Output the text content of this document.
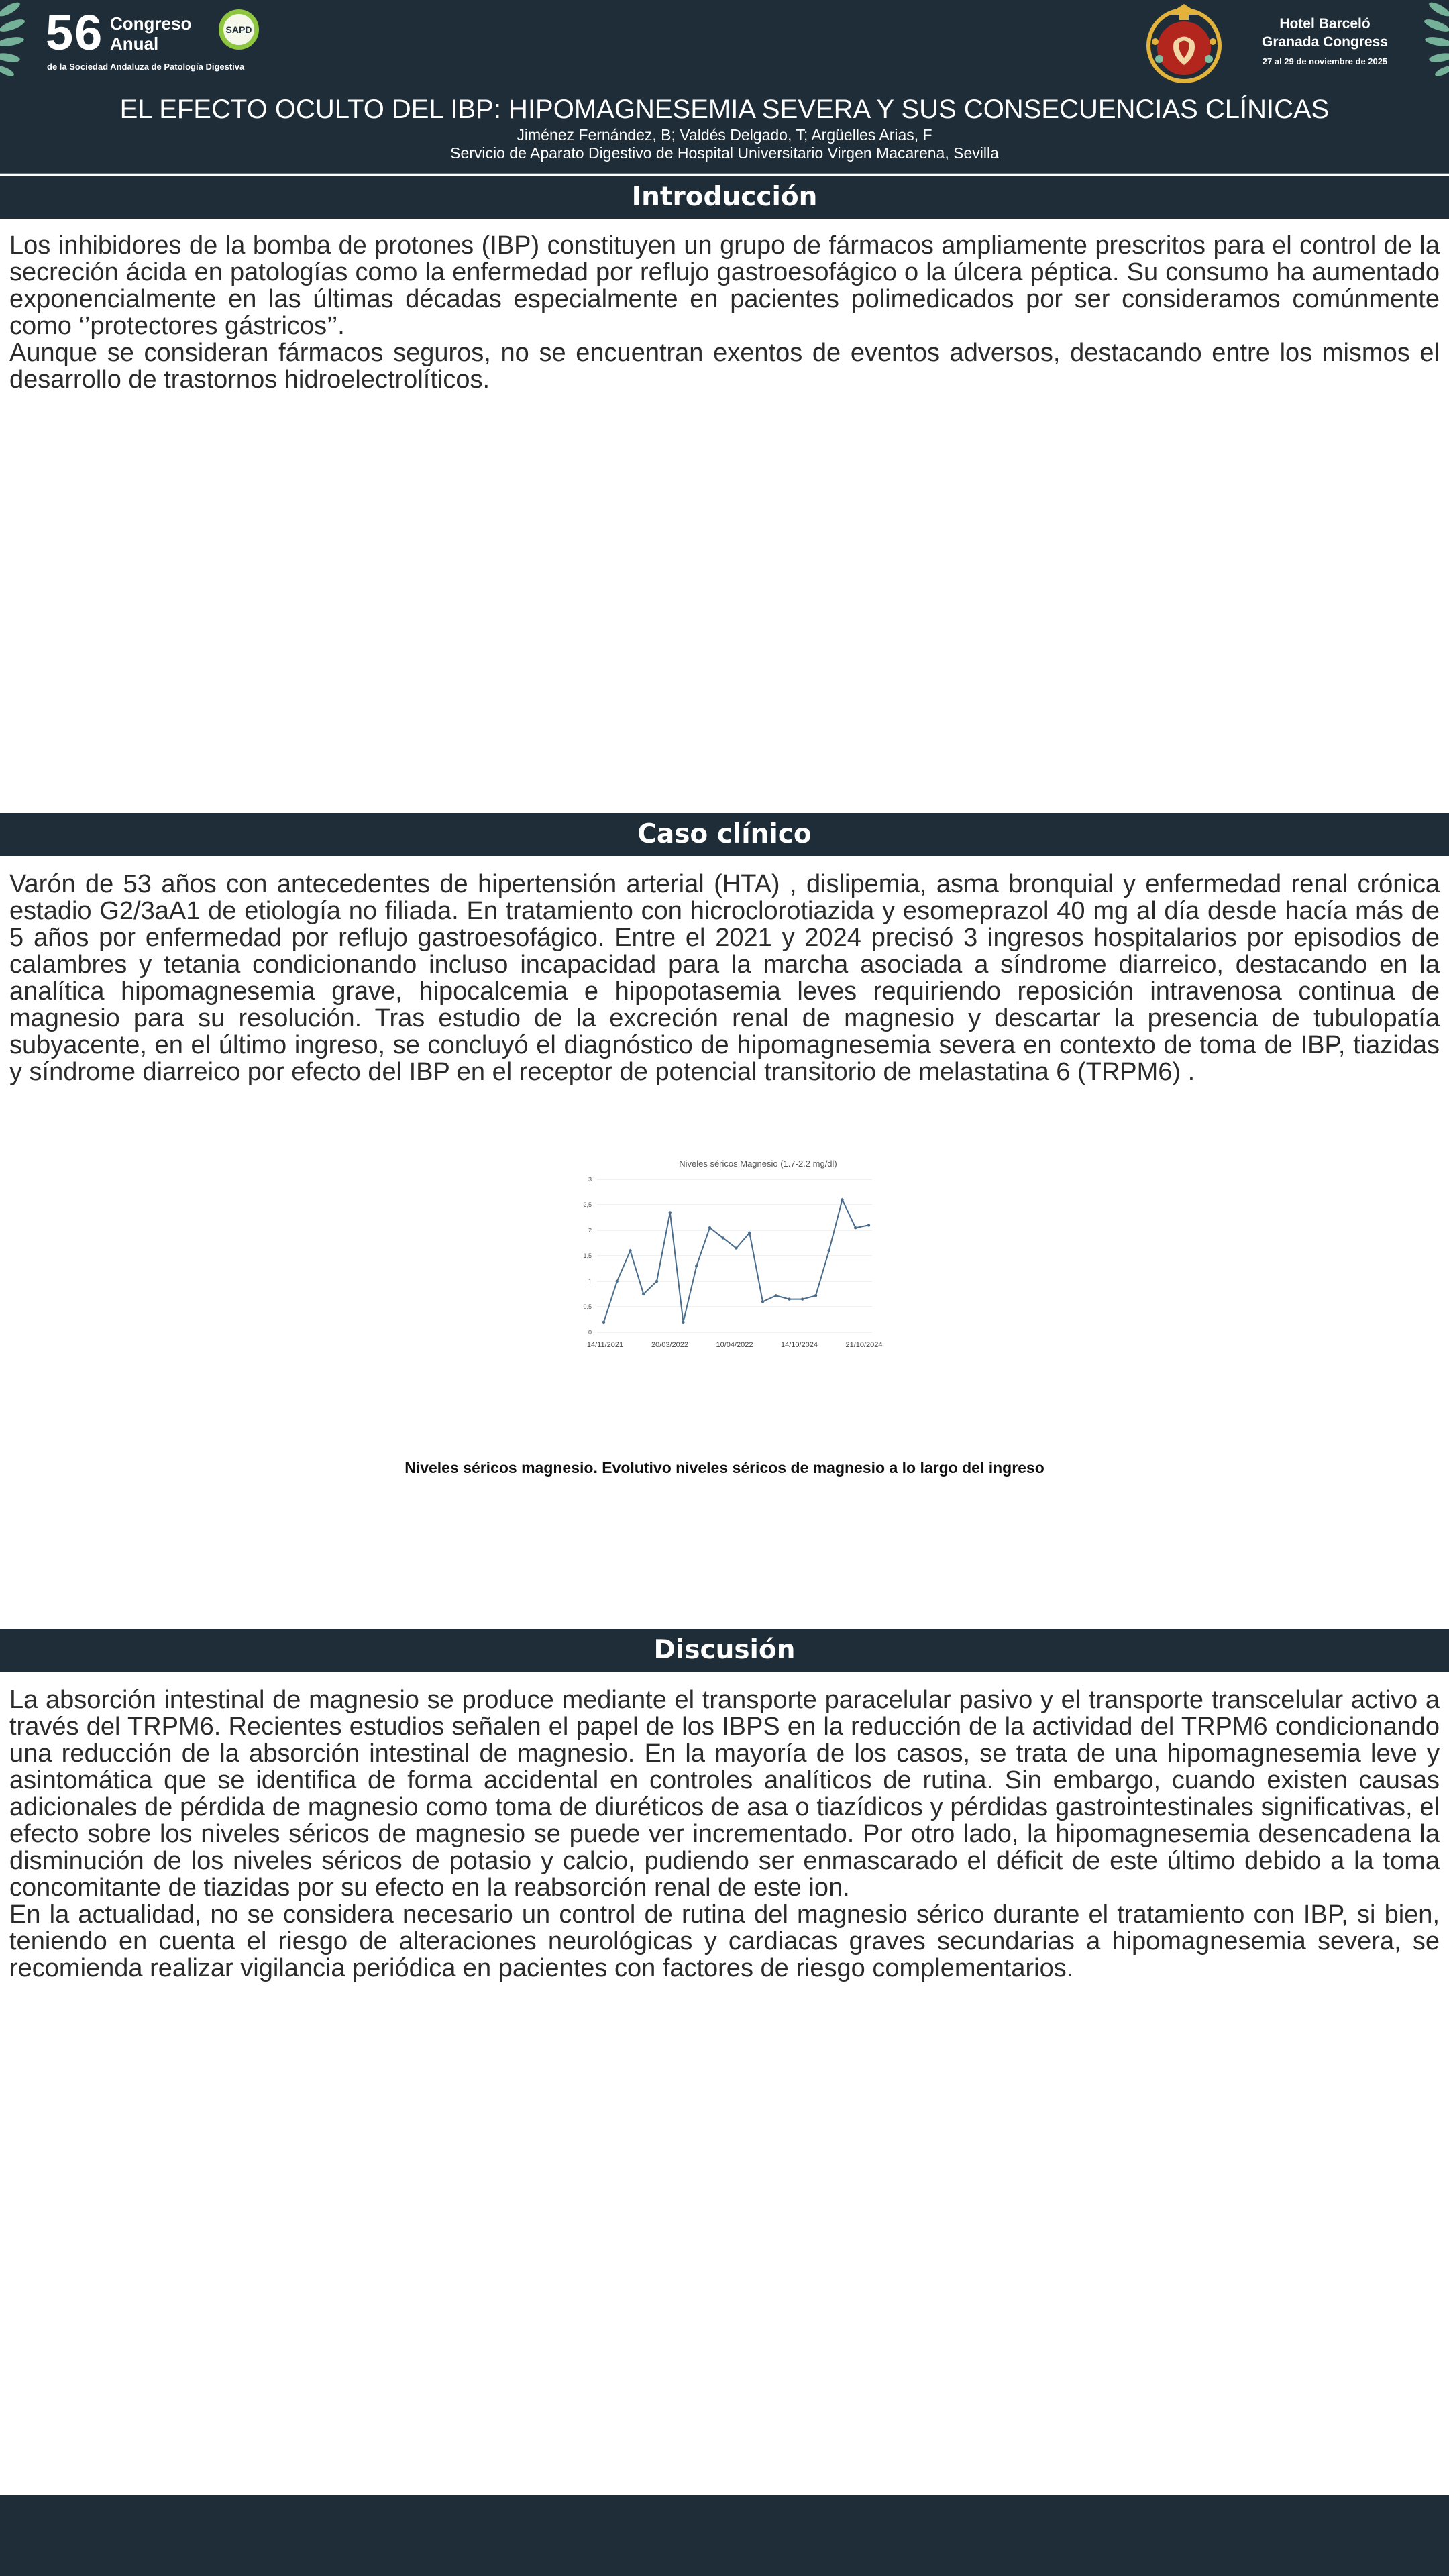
56 Congreso
Anual
de la Sociedad Andaluza de Patología Digestiva
SAPD	Hotel Barceló
Granada Congress
27 al 29 de noviembre de 2025
EL EFECTO OCULTO DEL IBP: HIPOMAGNESEMIA SEVERA Y SUS CONSECUENCIAS CLÍNICAS
Jiménez Fernández, B; Valdés Delgado, T; Argüelles Arias, F
Servicio de Aparato Digestivo de Hospital Universitario Virgen Macarena, Sevilla
Introducción

Los inhibidores de la bomba de protones (IBP) constituyen un grupo de fármacos ampliamente prescritos para el control de la secreción ácida en patologías como la enfermedad por reflujo gastroesofágico o la úlcera péptica. Su consumo ha aumentado exponencialmente en las últimas décadas especialmente en pacientes polimedicados por ser consideramos comúnmente como ‘’protectores gástricos’’.

Aunque se consideran fármacos seguros, no se encuentran exentos de eventos adversos, destacando entre los mismos el desarrollo de trastornos hidroelectrolíticos.

Caso clínico

Varón de 53 años con antecedentes de hipertensión arterial (HTA) , dislipemia, asma bronquial y enfermedad renal crónica estadio G2/3aA1 de etiología no filiada. En tratamiento con hicroclorotiazida y esomeprazol 40 mg al día desde hacía más de 5 años por enfermedad por reflujo gastroesofágico. Entre el 2021 y 2024 precisó 3 ingresos hospitalarios por episodios de calambres y tetania condicionando incluso incapacidad para la marcha asociada a síndrome diarreico, destacando en la analítica hipomagnesemia grave, hipocalcemia e hipopotasemia leves requiriendo reposición intravenosa continua de magnesio para su resolución. Tras estudio de la excreción renal de magnesio y descartar la presencia de tubulopatía subyacente, en el último ingreso, se concluyó el diagnóstico de hipomagnesemia severa en contexto de toma de IBP, tiazidas y síndrome diarreico por efecto del IBP en el receptor de potencial transitorio de melastatina 6 (TRPM6) .

Niveles séricos Magnesio (1.7-2.2 mg/dl)
0
0,5
1
1,5
2
2,5
3
14/11/2021	20/03/2022	10/04/2022	14/10/2024	21/10/2024
Niveles séricos magnesio. Evolutivo niveles séricos de magnesio a lo largo del ingreso
Discusión

La absorción intestinal de magnesio se produce mediante el transporte paracelular pasivo y el transporte transcelular activo a través del TRPM6. Recientes estudios señalen el papel de los IBPS en la reducción de la actividad del TRPM6 condicionando una reducción de la absorción intestinal de magnesio. En la mayoría de los casos, se trata de una hipomagnesemia leve y asintomática que se identifica de forma accidental en controles analíticos de rutina. Sin embargo, cuando existen causas adicionales de pérdida de magnesio como toma de diuréticos de asa o tiazídicos y pérdidas gastrointestinales significativas, el efecto sobre los niveles séricos de magnesio se puede ver incrementado. Por otro lado, la hipomagnesemia desencadena la disminución de los niveles séricos de potasio y calcio, pudiendo ser enmascarado el déficit de este último debido a la toma concomitante de tiazidas por su efecto en la reabsorción renal de este ion.

En la actualidad, no se considera necesario un control de rutina del magnesio sérico durante el tratamiento con IBP, si bien, teniendo en cuenta el riesgo de alteraciones neurológicas y cardiacas graves secundarias a hipomagnesemia severa, se recomienda realizar vigilancia periódica en pacientes con factores de riesgo complementarios.
